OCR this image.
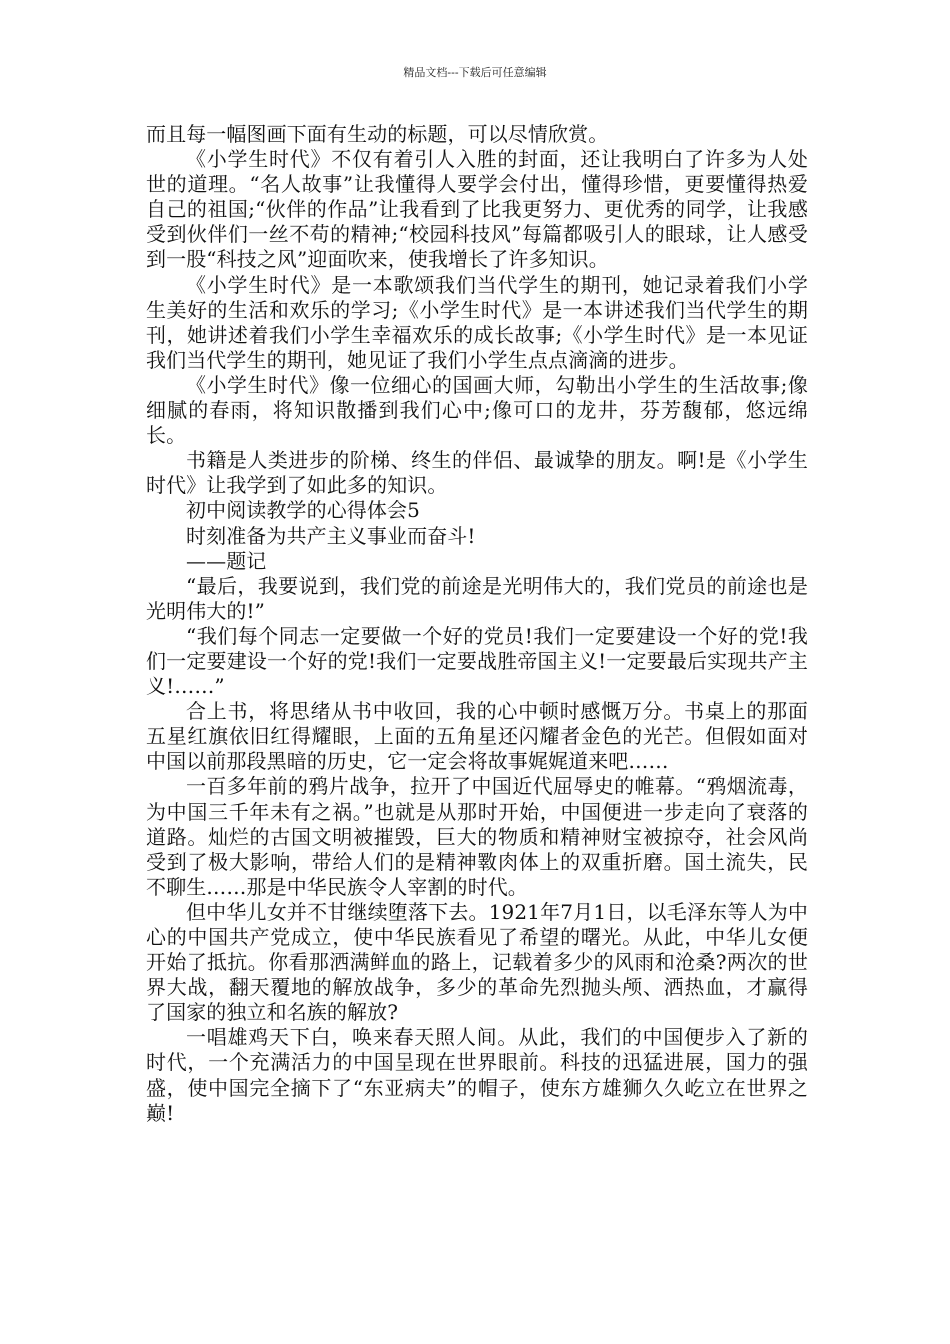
精品文档---下载后可任意编辑

而且每一幅图画下面有生动的标题，可以尽情欣赏。

《小学生时代》不仅有着引人入胜的封面，还让我明白了许多为人处世的道理。“名人故事”让我懂得人要学会付出，懂得珍惜，更要懂得热爱自己的祖国;“伙伴的作品”让我看到了比我更努力、更优秀的同学，让我感受到伙伴们一丝不苟的精神;“校园科技风”每篇都吸引人的眼球，让人感受到一股“科技之风”迎面吹来，使我增长了许多知识。

《小学生时代》是一本歌颂我们当代学生的期刊，她记录着我们小学生美好的生活和欢乐的学习;《小学生时代》是一本讲述我们当代学生的期刊，她讲述着我们小学生幸福欢乐的成长故事;《小学生时代》是一本见证我们当代学生的期刊，她见证了我们小学生点点滴滴的进步。

《小学生时代》像一位细心的国画大师，勾勒出小学生的生活故事;像细腻的春雨，将知识散播到我们心中;像可口的龙井，芬芳馥郁，悠远绵长。

书籍是人类进步的阶梯、终生的伴侣、最诚挚的朋友。啊!是《小学生时代》让我学到了如此多的知识。

初中阅读教学的心得体会5

时刻准备为共产主义事业而奋斗!

——题记

“最后，我要说到，我们党的前途是光明伟大的，我们党员的前途也是光明伟大的!”

“我们每个同志一定要做一个好的党员!我们一定要建设一个好的党!我们一定要建设一个好的党!我们一定要战胜帝国主义!一定要最后实现共产主义!……”

合上书，将思绪从书中收回，我的心中顿时感慨万分。书桌上的那面五星红旗依旧红得耀眼，上面的五角星还闪耀者金色的光芒。但假如面对中国以前那段黑暗的历史，它一定会将故事娓娓道来吧……

一百多年前的鸦片战争，拉开了中国近代屈辱史的帷幕。“鸦烟流毒，为中国三千年未有之祸。”也就是从那时开始，中国便进一步走向了衰落的道路。灿烂的古国文明被摧毁，巨大的物质和精神财宝被掠夺，社会风尚受到了极大影响，带给人们的是精神斁肉体上的双重折磨。国土流失，民不聊生……那是中华民族令人宰割的时代。

但中华儿女并不甘继续堕落下去。1921年7月1日，以毛泽东等人为中心的中国共产党成立，使中华民族看见了希望的曙光。从此，中华儿女便开始了抵抗。你看那洒满鲜血的路上，记载着多少的风雨和沧桑?两次的世界大战，翻天覆地的解放战争，多少的革命先烈抛头颅、洒热血，才赢得了国家的独立和名族的解放?

一唱雄鸡天下白，唤来春天照人间。从此，我们的中国便步入了新的时代，一个充满活力的中国呈现在世界眼前。科技的迅猛进展，国力的强盛，使中国完全摘下了“东亚病夫”的帽子，使东方雄狮久久屹立在世界之巅!
